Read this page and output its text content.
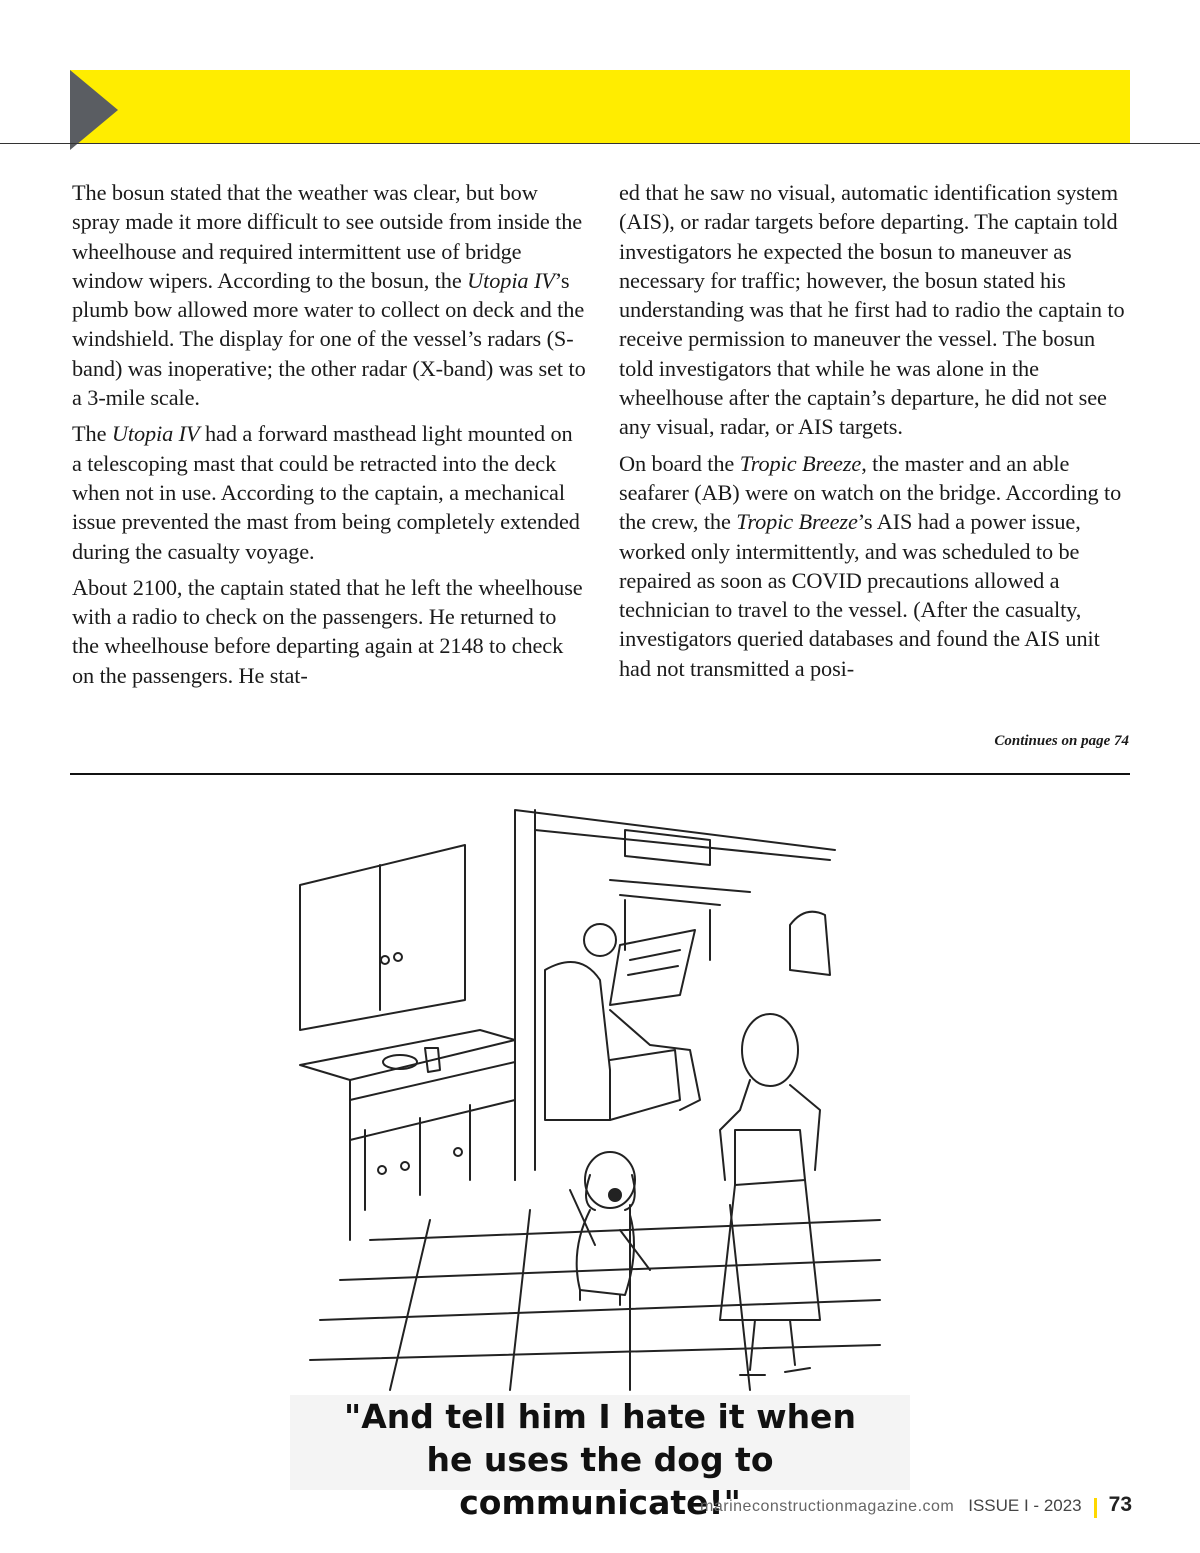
The bosun stated that the weather was clear, but bow spray made it more difficult to see outside from inside the wheelhouse and required intermittent use of bridge window wipers. According to the bosun, the Utopia IV’s plumb bow allowed more water to collect on deck and the windshield. The display for one of the vessel’s radars (S-band) was inoperative; the other radar (X-band) was set to a 3-mile scale.

The Utopia IV had a forward masthead light mounted on a telescoping mast that could be retracted into the deck when not in use. According to the captain, a mechanical issue prevented the mast from being completely extended during the casualty voyage.

About 2100, the captain stated that he left the wheelhouse with a radio to check on the passengers. He returned to the wheelhouse before departing again at 2148 to check on the passengers. He stat-

ed that he saw no visual, automatic identification system (AIS), or radar targets before departing. The captain told investigators he expected the bosun to maneuver as necessary for traffic; however, the bosun stated his understanding was that he first had to radio the captain to receive permission to maneuver the vessel. The bosun told investigators that while he was alone in the wheelhouse after the captain’s departure, he did not see any visual, radar, or AIS targets.

On board the Tropic Breeze, the master and an able seafarer (AB) were on watch on the bridge. According to the crew, the Tropic Breeze’s AIS had a power issue, worked only intermittently, and was scheduled to be repaired as soon as COVID precautions allowed a technician to travel to the vessel. (After the casualty, investigators queried databases and found the AIS unit had not transmitted a posi-

Continues on page 74
"And tell him I hate it when
he uses the dog to communicate!"
marineconstructionmagazine.com ISSUE I - 2023 73
